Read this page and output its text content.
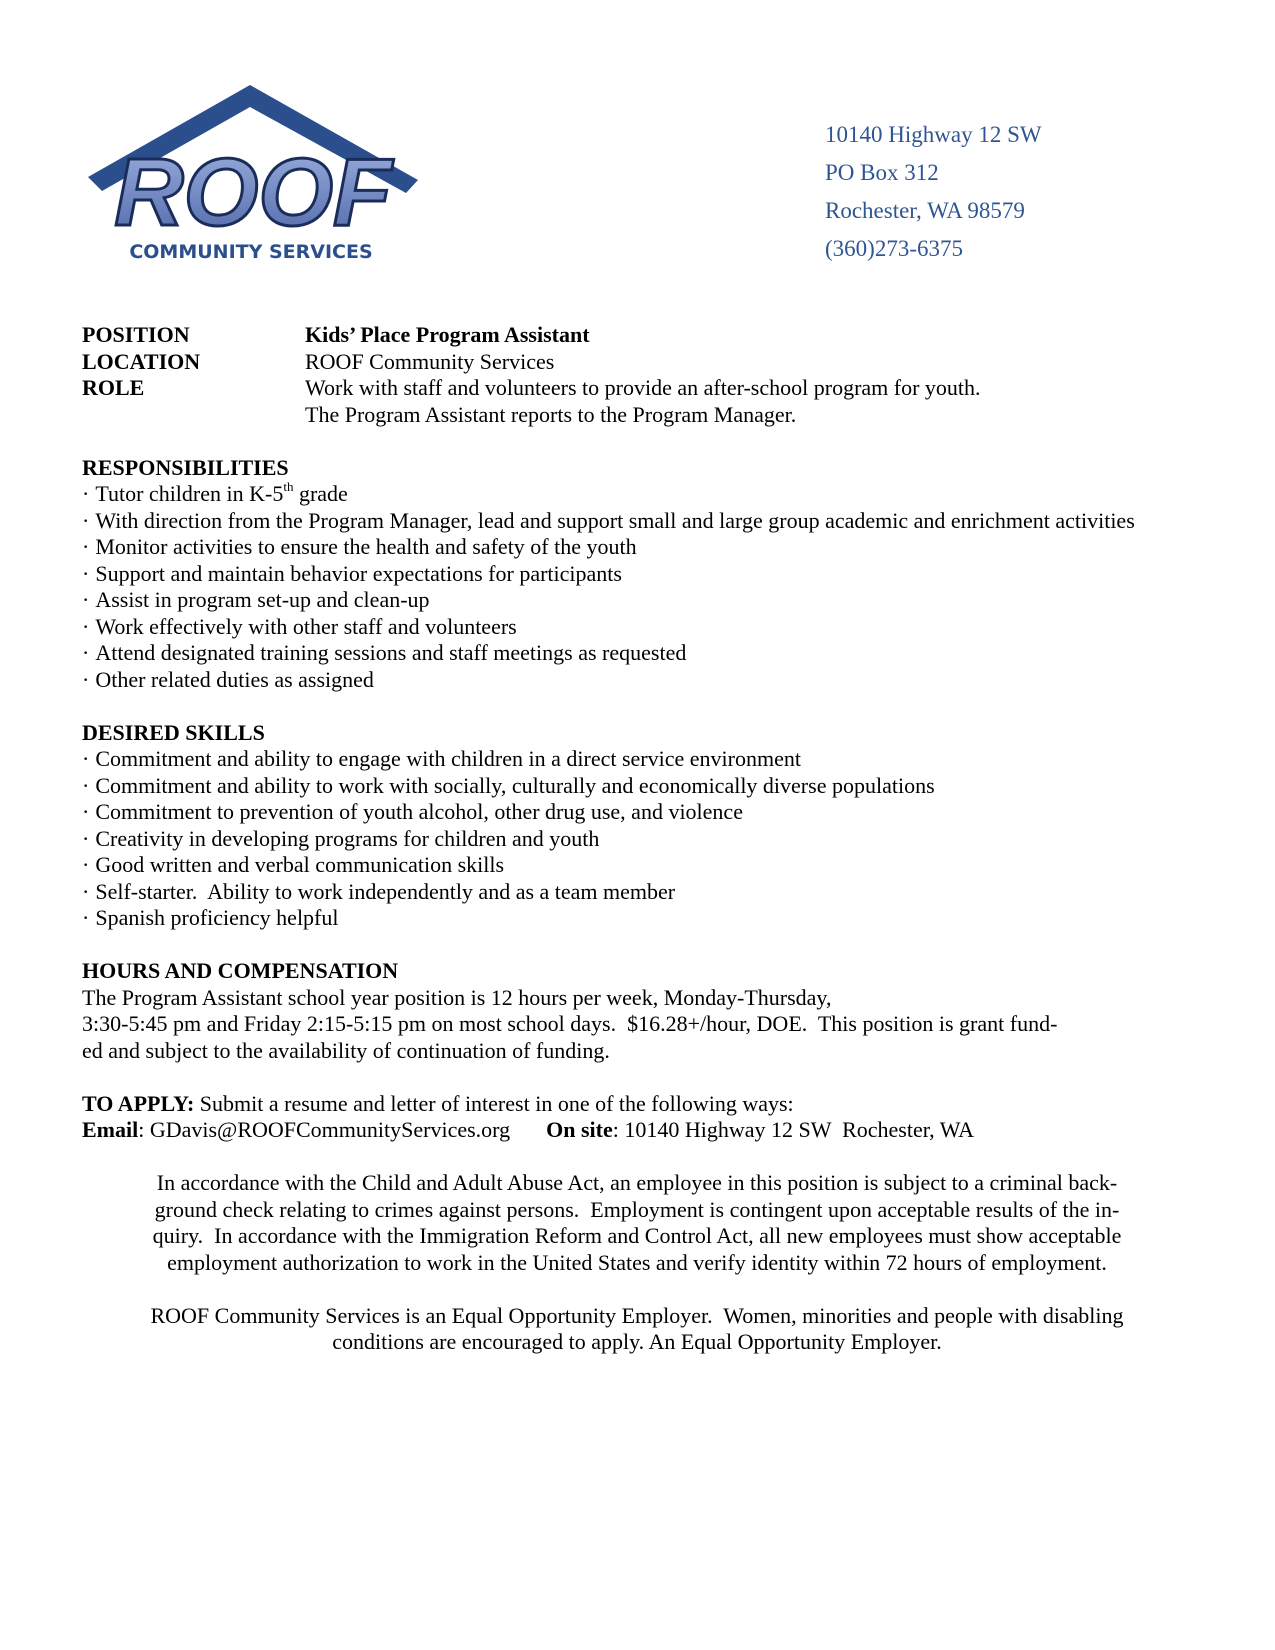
ROOF
COMMUNITY SERVICES
10140 Highway 12 SW
PO Box 312
Rochester, WA 98579
(360)273-6375
POSITION	Kids’ Place Program Assistant
LOCATION	ROOF Community Services
ROLE	Work with staff and volunteers to provide an after-school program for youth.
The Program Assistant reports to the Program Manager.
RESPONSIBILITIES
· Tutor children in K-5th grade
· With direction from the Program Manager, lead and support small and large group academic and enrichment activities
· Monitor activities to ensure the health and safety of the youth
· Support and maintain behavior expectations for participants
· Assist in program set-up and clean-up
· Work effectively with other staff and volunteers
· Attend designated training sessions and staff meetings as requested
· Other related duties as assigned
DESIRED SKILLS
· Commitment and ability to engage with children in a direct service environment
· Commitment and ability to work with socially, culturally and economically diverse populations
· Commitment to prevention of youth alcohol, other drug use, and violence
· Creativity in developing programs for children and youth
· Good written and verbal communication skills
· Self-starter.  Ability to work independently and as a team member
· Spanish proficiency helpful
HOURS AND COMPENSATION
The Program Assistant school year position is 12 hours per week, Monday-Thursday,
3:30-5:45 pm and Friday 2:15-5:15 pm on most school days.  $16.28+/hour, DOE.  This position is grant fund-
ed and subject to the availability of continuation of funding.
TO APPLY: Submit a resume and letter of interest in one of the following ways:
Email: GDavis@ROOFCommunityServices.org On site: 10140 Highway 12 SW  Rochester, WA
In accordance with the Child and Adult Abuse Act, an employee in this position is subject to a criminal back-
ground check relating to crimes against persons.  Employment is contingent upon acceptable results of the in-
quiry.  In accordance with the Immigration Reform and Control Act, all new employees must show acceptable
employment authorization to work in the United States and verify identity within 72 hours of employment.
ROOF Community Services is an Equal Opportunity Employer.  Women, minorities and people with disabling
conditions are encouraged to apply. An Equal Opportunity Employer.
